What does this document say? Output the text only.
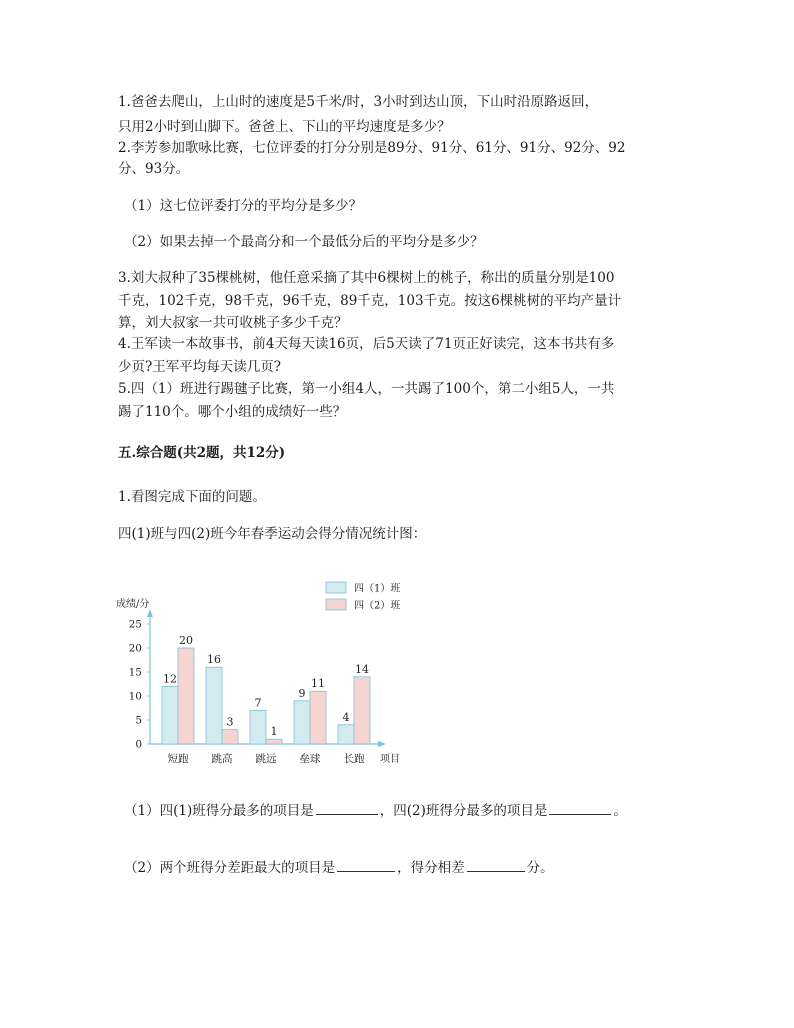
1.爸爸去爬山，上山时的速度是5千米/时，3小时到达山顶，下山时沿原路返回，
只用2小时到山脚下。爸爸上、下山的平均速度是多少？
2.李芳参加歌咏比赛，七位评委的打分分别是89分、91分、61分、91分、92分、92
分、93分。
（1）这七位评委打分的平均分是多少？
（2）如果去掉一个最高分和一个最低分后的平均分是多少？
3.刘大叔种了35棵桃树，他任意采摘了其中6棵树上的桃子，称出的质量分别是100
千克，102千克，98千克，96千克，89千克，103千克。按这6棵桃树的平均产量计
算，刘大叔家一共可收桃子多少千克？
4.王军读一本故事书，前4天每天读16页，后5天读了71页正好读完，这本书共有多
少页?王军平均每天读几页?
5.四（1）班进行踢毽子比赛，第一小组4人，一共踢了100个，第二小组5人，一共
踢了110个。哪个小组的成绩好一些？
五.综合题(共2题，共12分)
1.看图完成下面的问题。
四(1)班与四(2)班今年春季运动会得分情况统计图：
四（1）班
四（2）班
成绩/分
0
5
10
15
20
25
12
20
16
3
7
1
9
11
4
14
短跑 跳高 跳远 垒球 长跑 项目
（1）四(1)班得分最多的项目是	，四(2)班得分最多的项目是	。
（2）两个班得分差距最大的项目是	，得分相差	分。
